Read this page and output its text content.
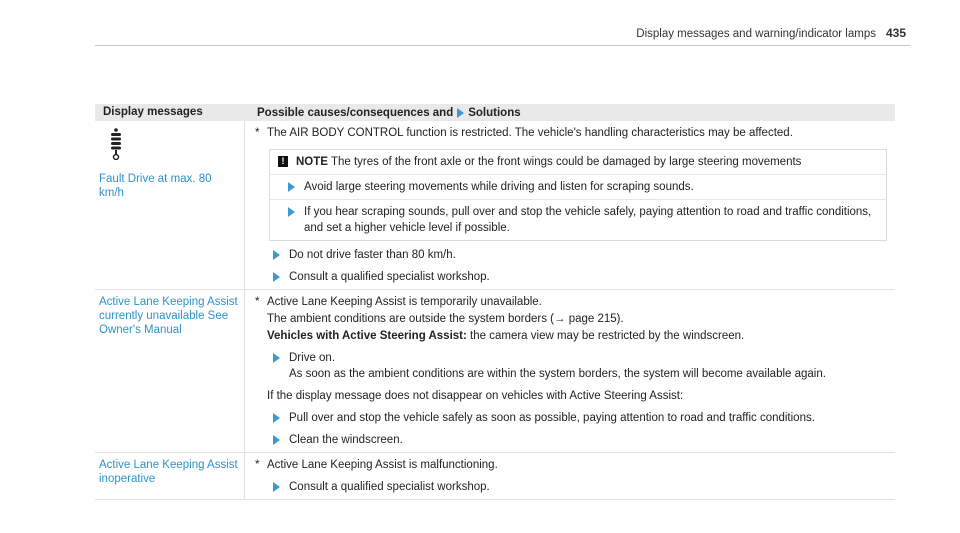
Display messages and warning/indicator lamps 435
Display messages	Possible causes/consequences and Solutions
Fault Drive at max. 80 km/h

* The AIR BODY CONTROL function is restricted. The vehicle's handling characteristics may be affected.

!	NOTE The tyres of the front axle or the front wings could be damaged by large steering movements
Avoid large steering movements while driving and listen for scraping sounds.
If you hear scraping sounds, pull over and stop the vehicle safely, paying attention to road and traffic conditions, and set a higher vehicle level if possible.
Do not drive faster than 80 km/h.
Consult a qualified specialist workshop.
Active Lane Keeping Assist currently unavailable See Owner's Manual

* Active Lane Keeping Assist is temporarily unavailable.

The ambient conditions are outside the system borders (→ page 215).

Vehicles with Active Steering Assist: the camera view may be restricted by the windscreen.

Drive on.
As soon as the ambient conditions are within the system borders, the system will become available again.

If the display message does not disappear on vehicles with Active Steering Assist:

Pull over and stop the vehicle safely as soon as possible, paying attention to road and traffic conditions.
Clean the windscreen.
Active Lane Keeping Assist inoperative

* Active Lane Keeping Assist is malfunctioning.

Consult a qualified specialist workshop.
